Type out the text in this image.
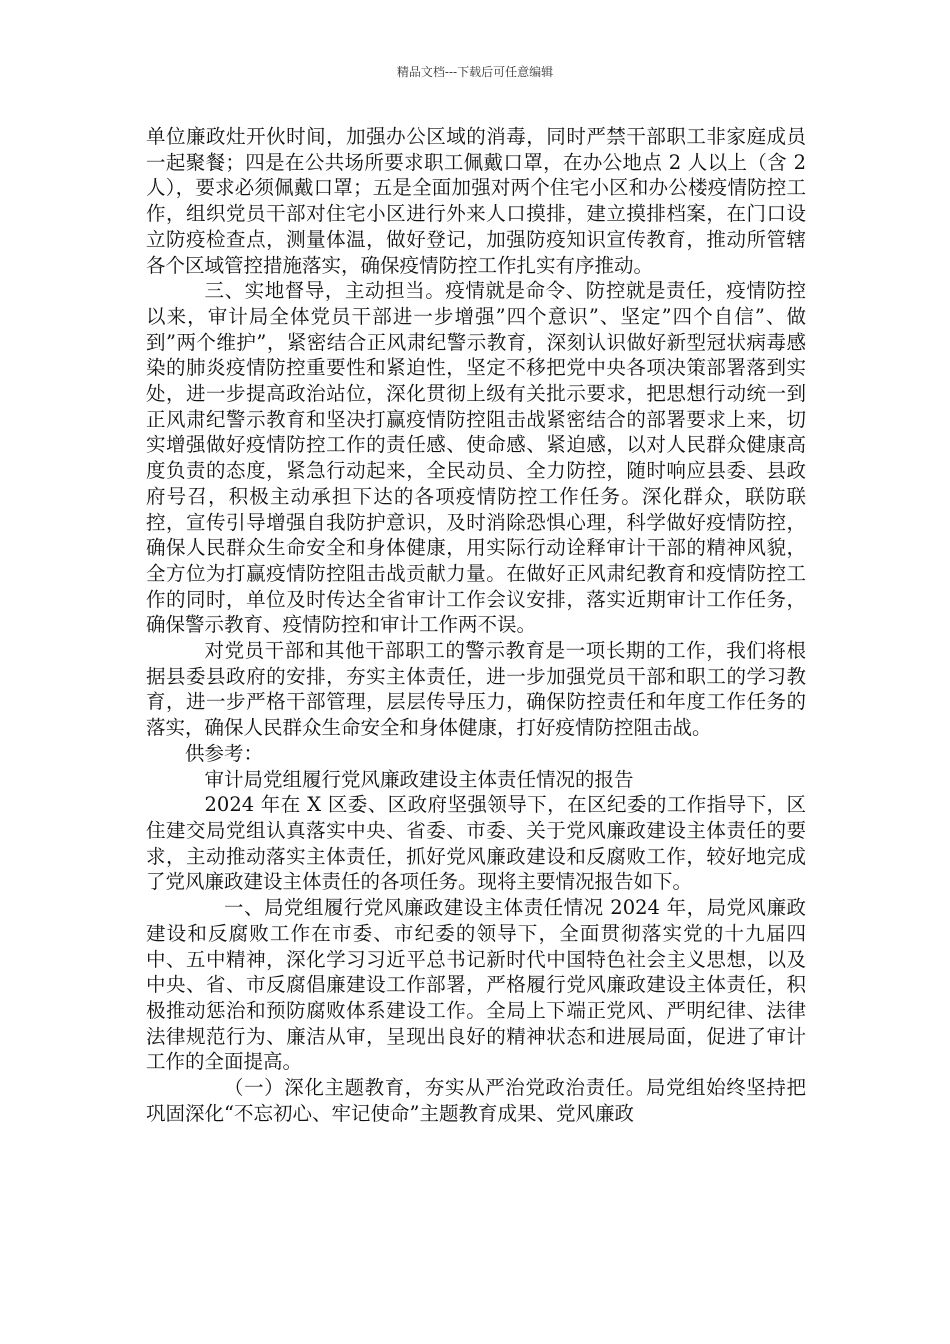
精品文档---下载后可任意编辑

单位廉政灶开伙时间，加强办公区域的消毒，同时严禁干部职工非家庭成员一起聚餐；四是在公共场所要求职工佩戴口罩，在办公地点 2 人以上（含 2 人），要求必须佩戴口罩；五是全面加强对两个住宅小区和办公楼疫情防控工作，组织党员干部对住宅小区进行外来人口摸排，建立摸排档案，在门口设立防疫检查点，测量体温，做好登记，加强防疫知识宣传教育，推动所管辖各个区域管控措施落实，确保疫情防控工作扎实有序推动。

三、实地督导，主动担当。疫情就是命令、防控就是责任，疫情防控以来，审计局全体党员干部进一步增强”四个意识”、坚定”四个自信”、做到”两个维护”，紧密结合正风肃纪警示教育，深刻认识做好新型冠状病毒感染的肺炎疫情防控重要性和紧迫性，坚定不移把党中央各项决策部署落到实处，进一步提高政治站位，深化贯彻上级有关批示要求，把思想行动统一到正风肃纪警示教育和坚决打赢疫情防控阻击战紧密结合的部署要求上来，切实增强做好疫情防控工作的责任感、使命感、紧迫感，以对人民群众健康高度负责的态度，紧急行动起来，全民动员、全力防控，随时响应县委、县政府号召，积极主动承担下达的各项疫情防控工作任务。深化群众，联防联控，宣传引导增强自我防护意识，及时消除恐惧心理，科学做好疫情防控，确保人民群众生命安全和身体健康，用实际行动诠释审计干部的精神风貌，全方位为打赢疫情防控阻击战贡献力量。在做好正风肃纪教育和疫情防控工作的同时，单位及时传达全省审计工作会议安排，落实近期审计工作任务，确保警示教育、疫情防控和审计工作两不误。

对党员干部和其他干部职工的警示教育是一项长期的工作，我们将根据县委县政府的安排，夯实主体责任，进一步加强党员干部和职工的学习教育，进一步严格干部管理，层层传导压力，确保防控责任和年度工作任务的落实，确保人民群众生命安全和身体健康，打好疫情防控阻击战。

供参考：

审计局党组履行党风廉政建设主体责任情况的报告

2024 年在 X 区委、区政府坚强领导下，在区纪委的工作指导下，区住建交局党组认真落实中央、省委、市委、关于党风廉政建设主体责任的要求，主动推动落实主体责任，抓好党风廉政建设和反腐败工作，较好地完成了党风廉政建设主体责任的各项任务。现将主要情况报告如下。

一、局党组履行党风廉政建设主体责任情况 2024 年，局党风廉政建设和反腐败工作在市委、市纪委的领导下，全面贯彻落实党的十九届四中、五中精神，深化学习习近平总书记新时代中国特色社会主义思想，以及中央、省、市反腐倡廉建设工作部署，严格履行党风廉政建设主体责任，积极推动惩治和预防腐败体系建设工作。全局上下端正党风、严明纪律、法律法律规范行为、廉洁从审，呈现出良好的精神状态和进展局面，促进了审计工作的全面提高。

（一）深化主题教育，夯实从严治党政治责任。局党组始终坚持把巩固深化“不忘初心、牢记使命”主题教育成果、党风廉政
